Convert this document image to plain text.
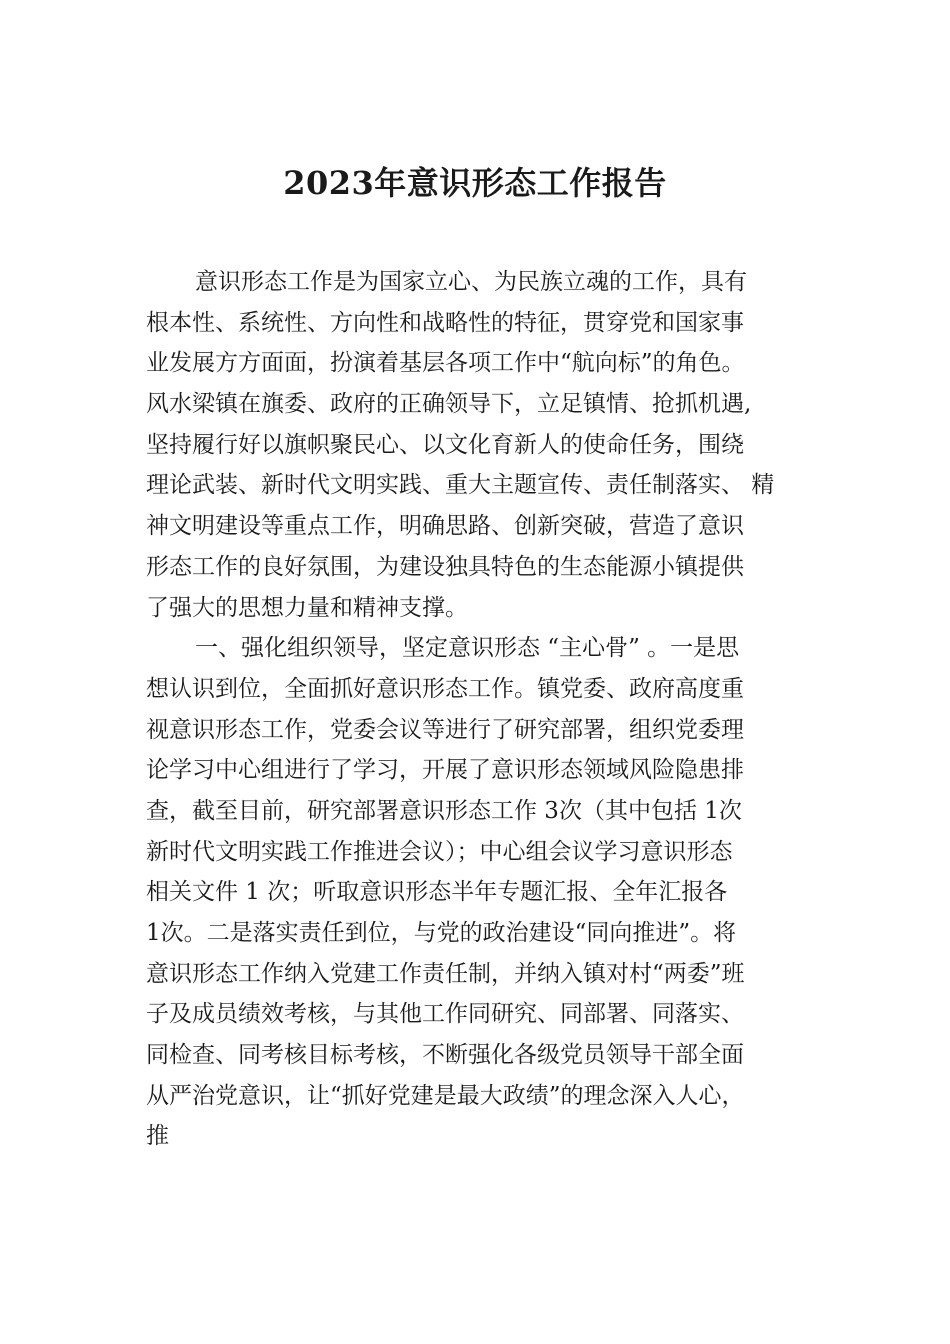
2023年意识形态工作报告
意识形态工作是为国家立心、为民族立魂的工作，具有
根本性、系统性、方向性和战略性的特征，贯穿党和国家事
业发展方方面面，扮演着基层各项工作中“航向标”的角色。
风水梁镇在旗委、政府的正确领导下，立足镇情、抢抓机遇,
坚持履行好以旗帜聚民心、以文化育新人的使命任务，围绕
理论武装、新时代文明实践、重大主题宣传、责任制落实、 精
神文明建设等重点工作，明确思路、创新突破，营造了意识
形态工作的良好氛围，为建设独具特色的生态能源小镇提供
了强大的思想力量和精神支撑。
一、强化组织领导，坚定意识形态 “主心骨” 。一是思
想认识到位，全面抓好意识形态工作。镇党委、政府高度重
视意识形态工作，党委会议等进行了研究部署，组织党委理
论学习中心组进行了学习，开展了意识形态领域风险隐患排
查，截至目前，研究部署意识形态工作 3次（其中包括 1次
新时代文明实践工作推进会议）；中心组会议学习意识形态
相关文件 1 次；听取意识形态半年专题汇报、全年汇报各
1次。二是落实责任到位，与党的政治建设“同向推进”。将
意识形态工作纳入党建工作责任制，并纳入镇对村“两委”班
子及成员绩效考核，与其他工作同研究、同部署、同落实、
同检查、同考核目标考核，不断强化各级党员领导干部全面
从严治党意识，让“抓好党建是最大政绩”的理念深入人心，
推
